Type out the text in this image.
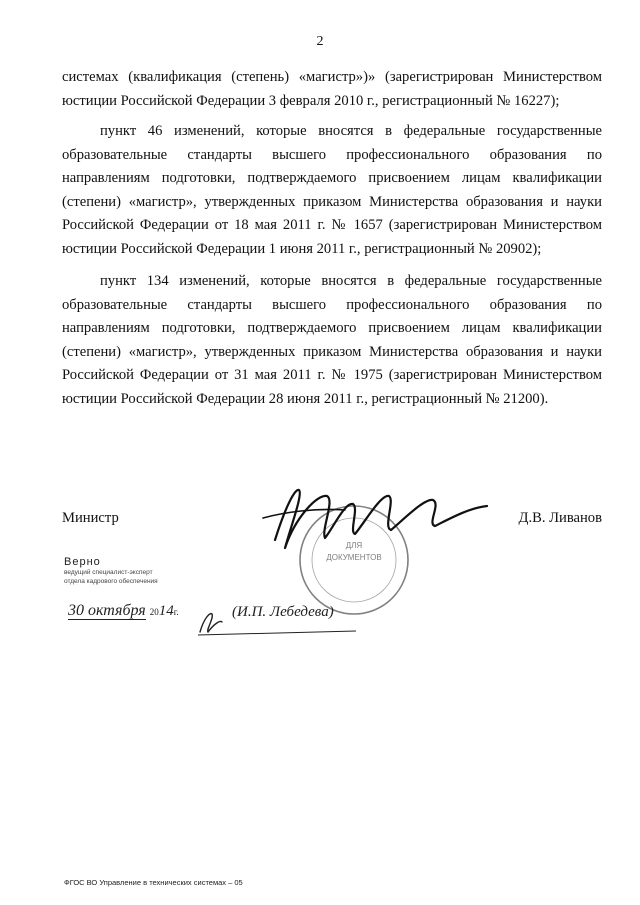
2

системах (квалификация (степень) «магистр»)» (зарегистрирован Министерством юстиции Российской Федерации 3 февраля 2010 г., регистрационный № 16227);

пункт 46 изменений, которые вносятся в федеральные государственные образовательные стандарты высшего профессионального образования по направлениям подготовки, подтверждаемого присвоением лицам квалификации (степени) «магистр», утвержденных приказом Министерства образования и науки Российской Федерации от 18 мая 2011 г. № 1657 (зарегистрирован Министерством юстиции Российской Федерации 1 июня 2011 г., регистрационный № 20902);

пункт 134 изменений, которые вносятся в федеральные государственные образовательные стандарты высшего профессионального образования по направлениям подготовки, подтверждаемого присвоением лицам квалификации (степени) «магистр», утвержденных приказом Министерства образования и науки Российской Федерации от 31 мая 2011 г. № 1975 (зарегистрирован Министерством юстиции Российской Федерации 28 июня 2011 г., регистрационный № 21200).

Министр	Д.В. Ливанов
ДЛЯ
ДОКУМЕНТОВ
Верно
ведущий специалист-эксперт
отдела кадрового обеспечения
(И.П. Лебедева)
30 октября 2014г.
ФГОС ВО Управление в технических системах – 05
